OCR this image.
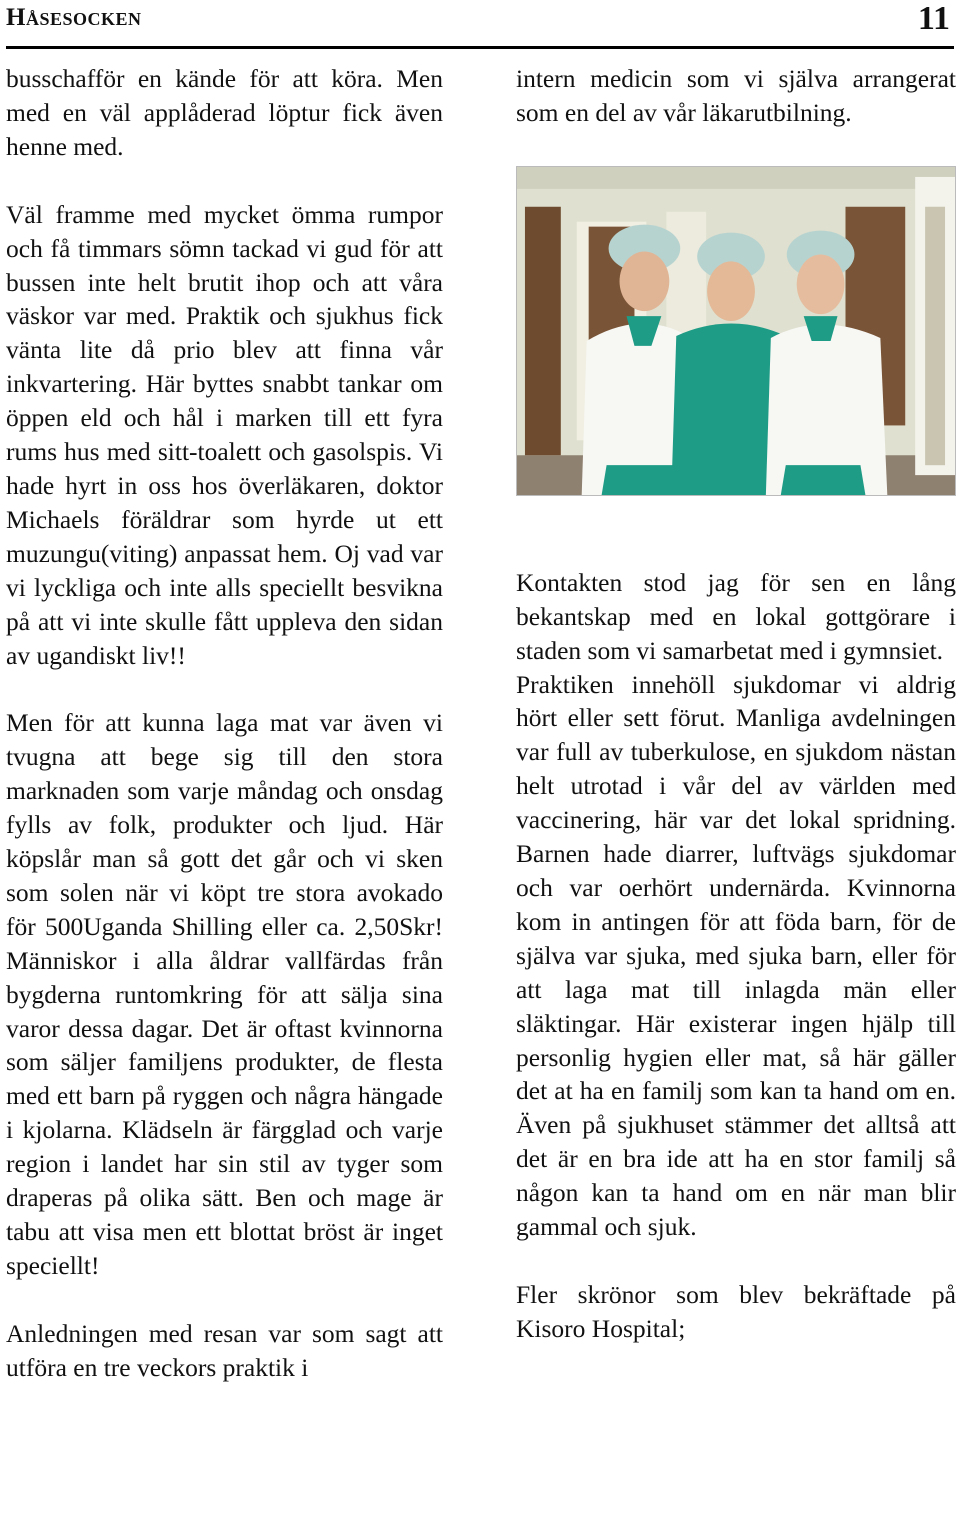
Håsesocken	11

busschafför en kände för att köra. Men med en väl applåderad löptur fick även henne med.

Väl framme med mycket ömma rumpor och få timmars sömn tackad vi gud för att bussen inte helt brutit ihop och att våra väskor var med. Praktik och sjukhus fick vänta lite då prio blev att finna vår inkvartering. Här byttes snabbt tankar om öppen eld och hål i marken till ett fyra rums hus med sitt-toalett och gasolspis. Vi hade hyrt in oss hos överläkaren, doktor Michaels föräldrar som hyrde ut ett muzungu(viting) anpassat hem. Oj vad var vi lyckliga och inte alls speciellt besvikna på att vi inte skulle fått uppleva den sidan av ugandiskt liv!!

Men för att kunna laga mat var även vi tvugna att bege sig till den stora marknaden som varje måndag och onsdag fylls av folk, produkter och ljud. Här köpslår man så gott det går och vi sken som solen när vi köpt tre stora avokado för 500Uganda Shilling eller ca. 2,50Skr! Människor i alla åldrar vallfärdas från bygderna runtomkring för att sälja sina varor dessa dagar. Det är oftast kvinnorna som säljer familjens produkter, de flesta med ett barn på ryggen och några hängade i kjolarna. Klädseln är färgglad och varje region i landet har sin stil av tyger som draperas på olika sätt. Ben och mage är tabu att visa men ett blottat bröst är inget speciellt!

Anledningen med resan var som sagt att utföra en tre veckors praktik i

intern medicin som vi själva arrangerat som en del av vår läkarutbilning.

Kontakten stod jag för sen en lång bekantskap med en lokal gottgörare i staden som vi samarbetat med i gymnsiet.

Praktiken innehöll sjukdomar vi aldrig hört eller sett förut. Manliga avdelningen var full av tuberkulose, en sjukdom nästan helt utrotad i vår del av världen med vaccinering, här var det lokal spridning. Barnen hade diarrer, luftvägs sjukdomar och var oerhört undernärda. Kvinnorna kom in antingen för att föda barn, för de själva var sjuka, med sjuka barn, eller för att laga mat till inlagda män eller släktingar. Här existerar ingen hjälp till personlig hygien eller mat, så här gäller det at ha en familj som kan ta hand om en. Även på sjukhuset stämmer det alltså att det är en bra ide att ha en stor familj så någon kan ta hand om en när man blir gammal och sjuk.

Fler skrönor som blev bekräftade på Kisoro Hospital;
